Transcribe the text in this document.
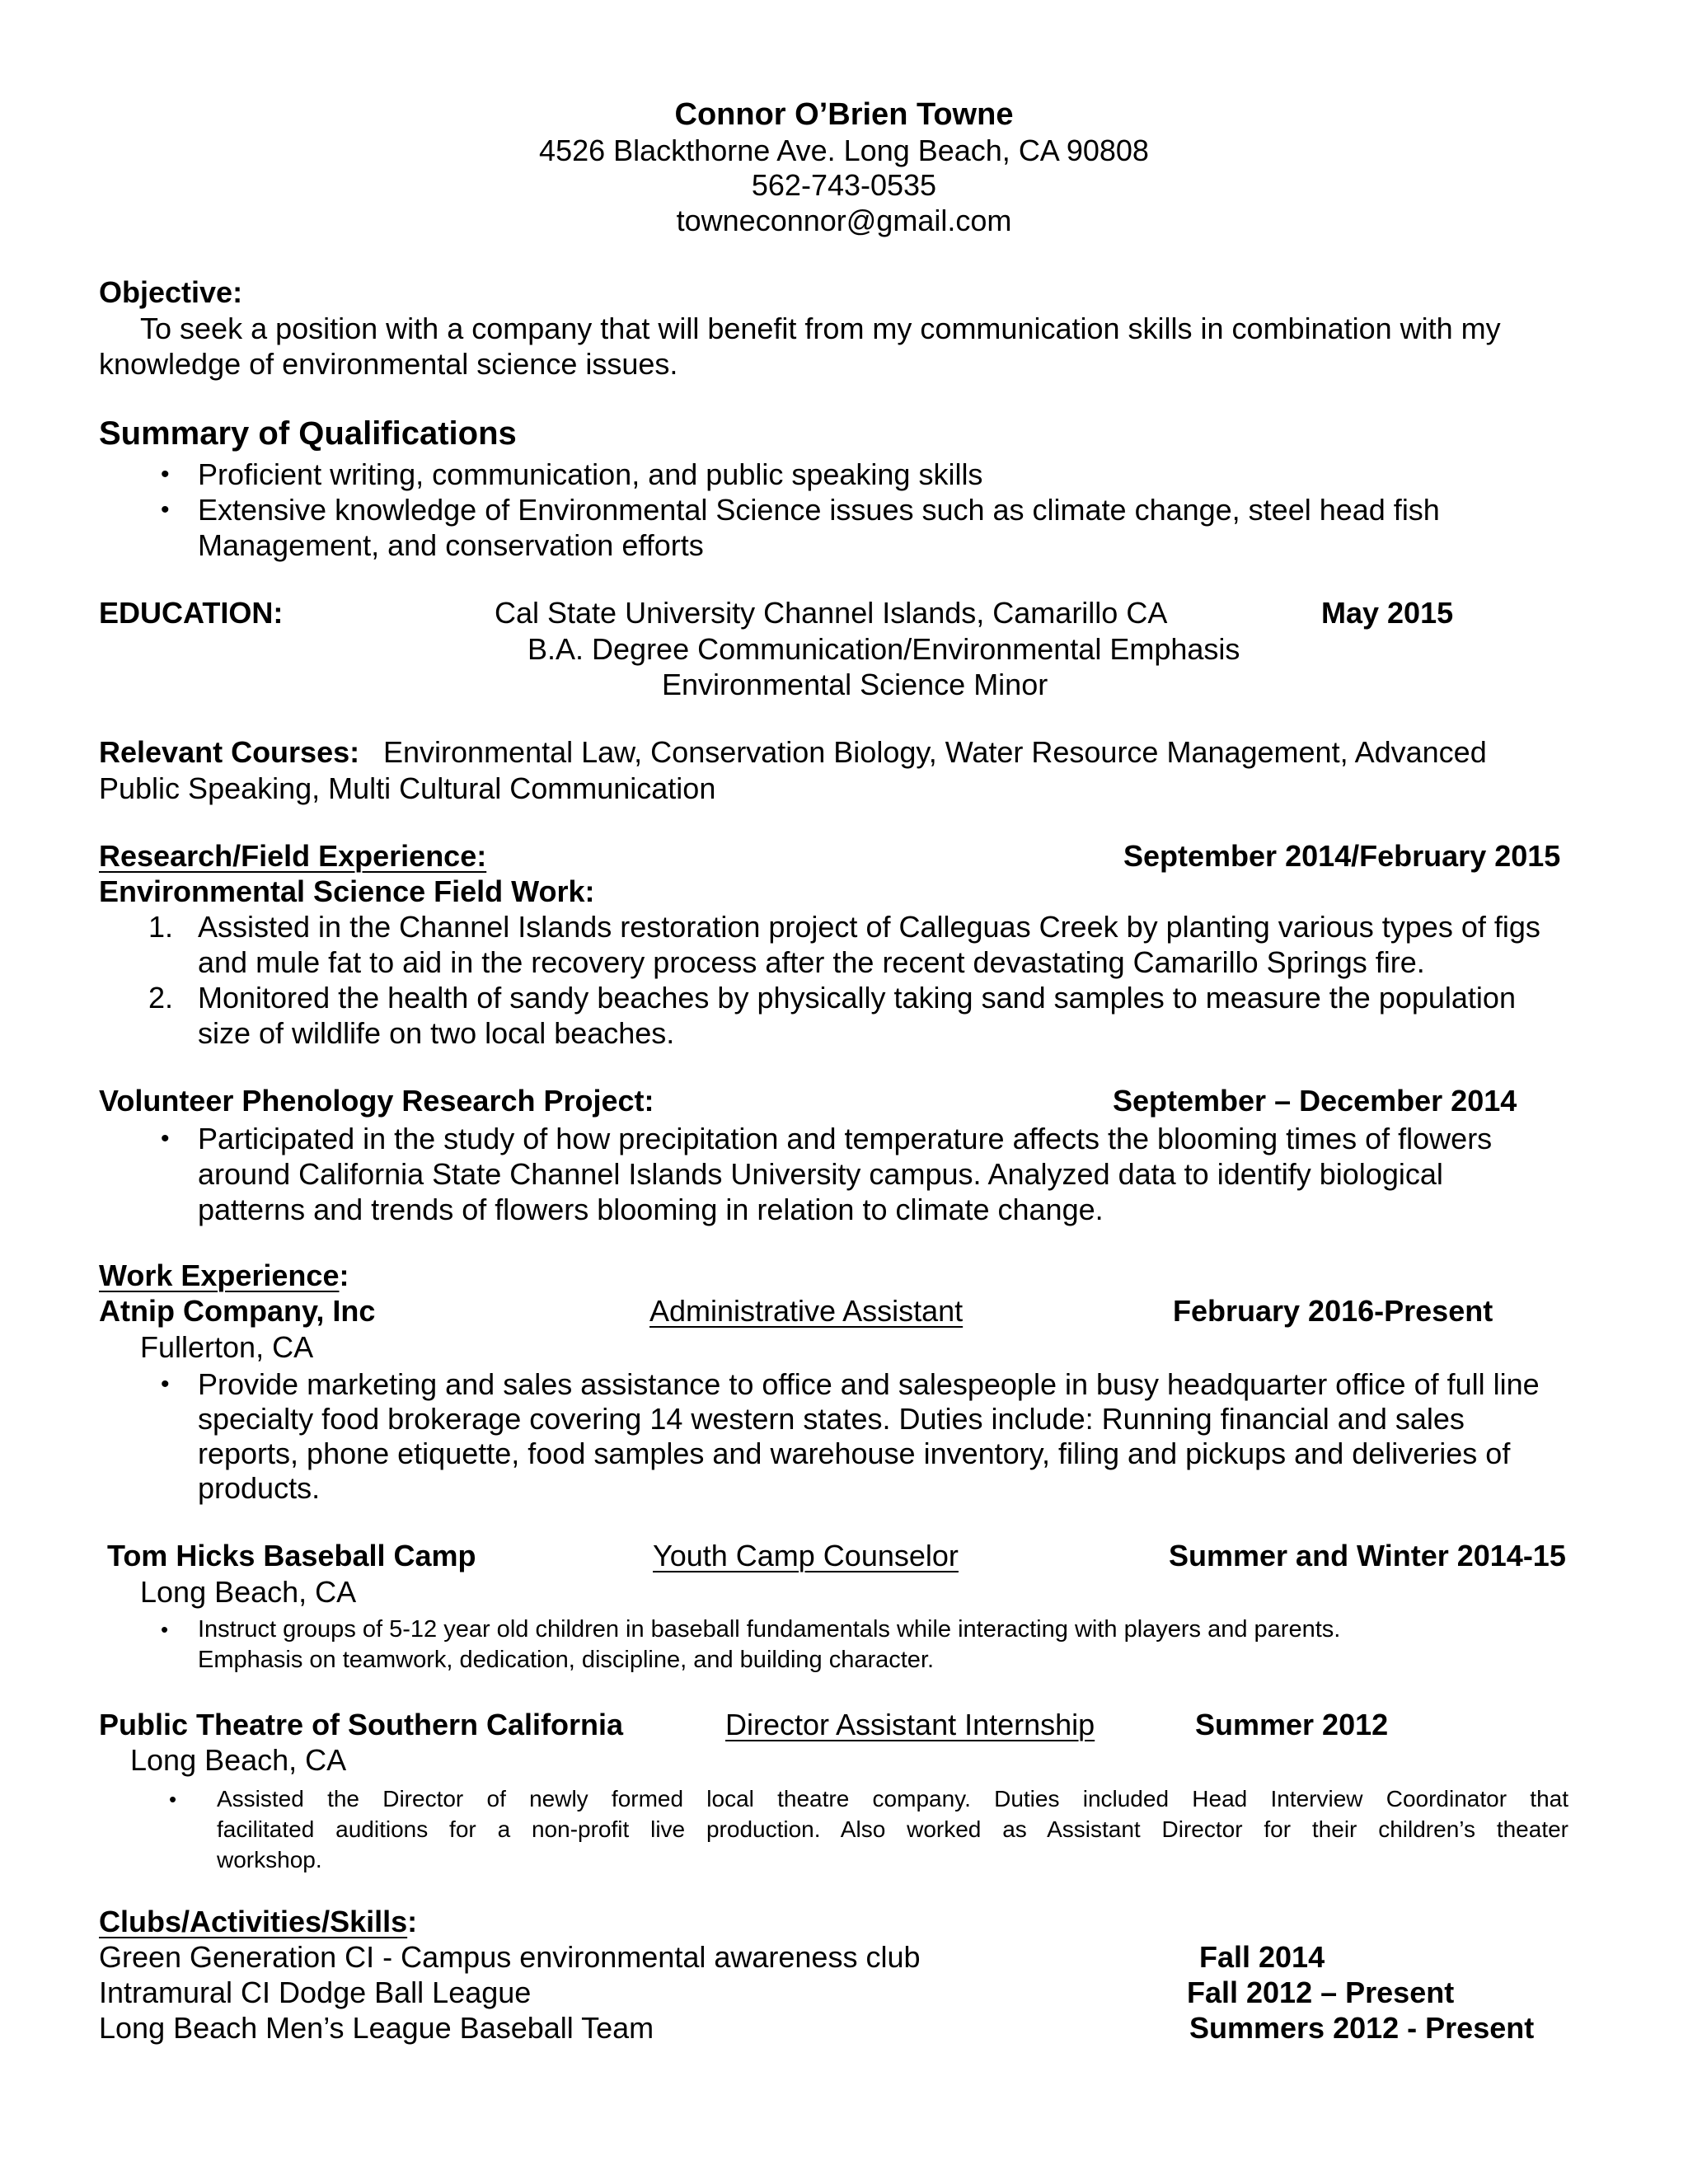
Connor O’Brien Towne
4526 Blackthorne Ave. Long Beach, CA 90808
562-743-0535
towneconnor@gmail.com
Objective:
To seek a position with a company that will benefit from my communication skills in combination with my
knowledge of environmental science issues.
Summary of Qualifications
• Proficient writing, communication, and public speaking skills
• Extensive knowledge of Environmental Science issues such as climate change, steel head fish
Management, and conservation efforts
EDUCATION:	Cal State University Channel Islands, Camarillo CA	May 2015
B.A. Degree Communication/Environmental Emphasis
Environmental Science Minor
Relevant Courses: Environmental Law, Conservation Biology, Water Resource Management, Advanced
Public Speaking, Multi Cultural Communication
Research/Field Experience:	September 2014/February 2015
Environmental Science Field Work:
1. Assisted in the Channel Islands restoration project of Calleguas Creek by planting various types of figs
and mule fat to aid in the recovery process after the recent devastating Camarillo Springs fire.
2. Monitored the health of sandy beaches by physically taking sand samples to measure the population
size of wildlife on two local beaches.
Volunteer Phenology Research Project:	September – December 2014
• Participated in the study of how precipitation and temperature affects the blooming times of flowers
around California State Channel Islands University campus. Analyzed data to identify biological
patterns and trends of flowers blooming in relation to climate change.
Work Experience:
Atnip Company, Inc	Administrative Assistant	February 2016-Present
Fullerton, CA
• Provide marketing and sales assistance to office and salespeople in busy headquarter office of full line
specialty food brokerage covering 14 western states. Duties include: Running financial and sales
reports, phone etiquette, food samples and warehouse inventory, filing and pickups and deliveries of
products.
Tom Hicks Baseball Camp	Youth Camp Counselor	Summer and Winter 2014-15
Long Beach, CA
• Instruct groups of 5-12 year old children in baseball fundamentals while interacting with players and parents.
Emphasis on teamwork, dedication, discipline, and building character.
Public Theatre of Southern California	Director Assistant Internship	Summer 2012
Long Beach, CA
• Assisted the Director of newly formed local theatre company. Duties included Head Interview Coordinator that
facilitated auditions for a non-profit live production. Also worked as Assistant Director for their children’s theater
workshop.
Clubs/Activities/Skills:
Green Generation CI - Campus environmental awareness club	Fall 2014
Intramural CI Dodge Ball League	Fall 2012 – Present
Long Beach Men’s League Baseball Team	Summers 2012 - Present
